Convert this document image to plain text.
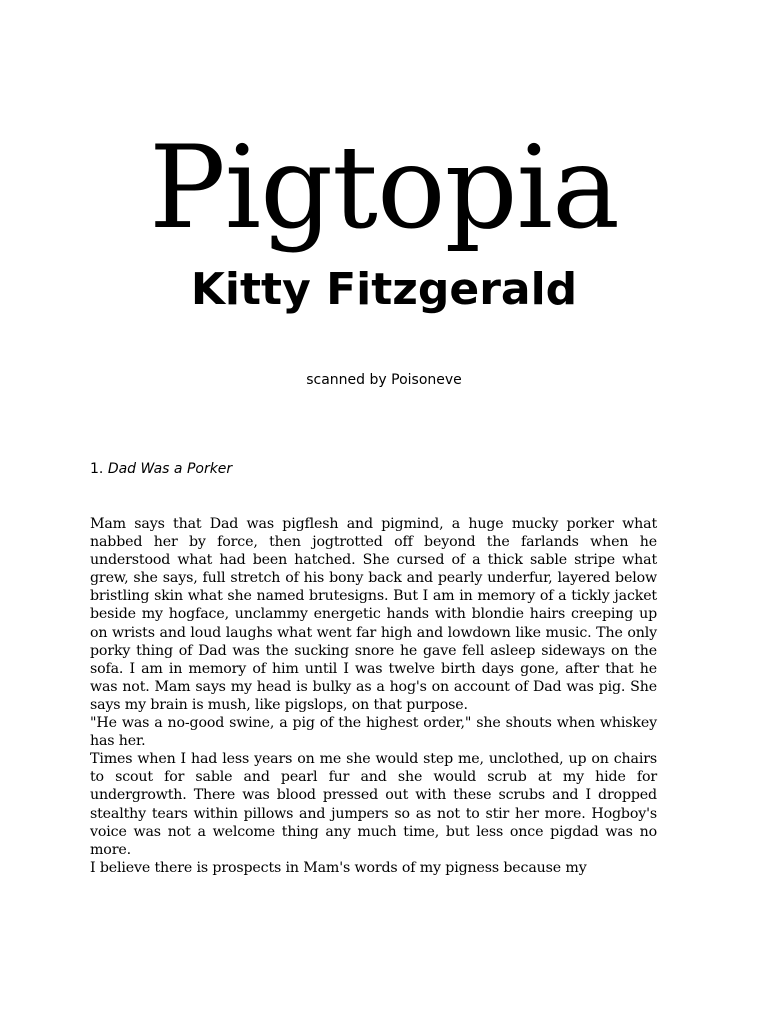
Pigtopia
Kitty Fitzgerald
scanned by Poisoneve
1. Dad Was a Porker

Mam says that Dad was pigflesh and pigmind, a huge mucky porker what nabbed her by force, then jogtrotted off beyond the farlands when he understood what had been hatched. She cursed of a thick sable stripe what grew, she says, full stretch of his bony back and pearly underfur, layered below bristling skin what she named brutesigns. But I am in memory of a tickly jacket beside my hogface, unclammy energetic hands with blondie hairs creeping up on wrists and loud laughs what went far high and lowdown like music. The only porky thing of Dad was the sucking snore he gave fell asleep sideways on the sofa. I am in memory of him until I was twelve birth days gone, after that he was not. Mam says my head is bulky as a hog's on account of Dad was pig. She says my brain is mush, like pigslops, on that purpose.

"He was a no-good swine, a pig of the highest order," she shouts when whiskey has her.

Times when I had less years on me she would step me, unclothed, up on chairs to scout for sable and pearl fur and she would scrub at my hide for undergrowth. There was blood pressed out with these scrubs and I dropped stealthy tears within pillows and jumpers so as not to stir her more. Hogboy's voice was not a welcome thing any much time, but less once pigdad was no more.

I believe there is prospects in Mam's words of my pigness because my
